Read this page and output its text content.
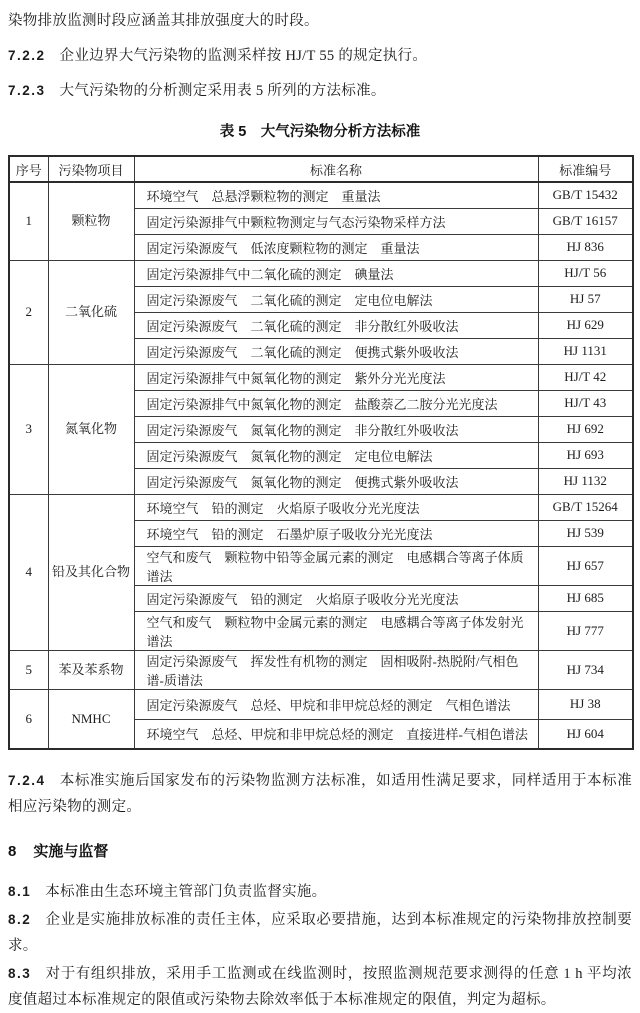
染物排放监测时段应涵盖其排放强度大的时段。

7.2.2 企业边界大气污染物的监测采样按 HJ/T 55 的规定执行。

7.2.3 大气污染物的分析测定采用表 5 所列的方法标准。

表 5　大气污染物分析方法标准
序号	污染物项目	标准名称	标准编号
1	颗粒物	环境空气　总悬浮颗粒物的测定　重量法	GB/T 15432
		固定污染源排气中颗粒物测定与气态污染物采样方法	GB/T 16157
		固定污染源废气　低浓度颗粒物的测定　重量法	HJ 836
2	二氧化硫	固定污染源排气中二氧化硫的测定　碘量法	HJ/T 56
		固定污染源废气　二氧化硫的测定　定电位电解法	HJ 57
		固定污染源废气　二氧化硫的测定　非分散红外吸收法	HJ 629
		固定污染源废气　二氧化硫的测定　便携式紫外吸收法	HJ 1131
3	氮氧化物	固定污染源排气中氮氧化物的测定　紫外分光光度法	HJ/T 42
		固定污染源排气中氮氧化物的测定　盐酸萘乙二胺分光光度法	HJ/T 43
		固定污染源废气　氮氧化物的测定　非分散红外吸收法	HJ 692
		固定污染源废气　氮氧化物的测定　定电位电解法	HJ 693
		固定污染源废气　氮氧化物的测定　便携式紫外吸收法	HJ 1132
4	铅及其化合物	环境空气　铅的测定　火焰原子吸收分光光度法	GB/T 15264
		环境空气　铅的测定　石墨炉原子吸收分光光度法	HJ 539
		空气和废气　颗粒物中铅等金属元素的测定　电感耦合等离子体质谱法	HJ 657
		固定污染源废气　铅的测定　火焰原子吸收分光光度法	HJ 685
		空气和废气　颗粒物中金属元素的测定　电感耦合等离子体发射光谱法	HJ 777
5	苯及苯系物	固定污染源废气　挥发性有机物的测定　固相吸附-热脱附/气相色谱-质谱法	HJ 734
6	NMHC	固定污染源废气　总烃、甲烷和非甲烷总烃的测定　气相色谱法	HJ 38
		环境空气　总烃、甲烷和非甲烷总烃的测定　直接进样-气相色谱法	HJ 604

7.2.4 本标准实施后国家发布的污染物监测方法标准，如适用性满足要求，同样适用于本标准相应污染物的测定。

8 实施与监督

8.1 本标准由生态环境主管部门负责监督实施。

8.2 企业是实施排放标准的责任主体，应采取必要措施，达到本标准规定的污染物排放控制要求。

8.3 对于有组织排放，采用手工监测或在线监测时，按照监测规范要求测得的任意 1 h 平均浓度值超过本标准规定的限值或污染物去除效率低于本标准规定的限值，判定为超标。
